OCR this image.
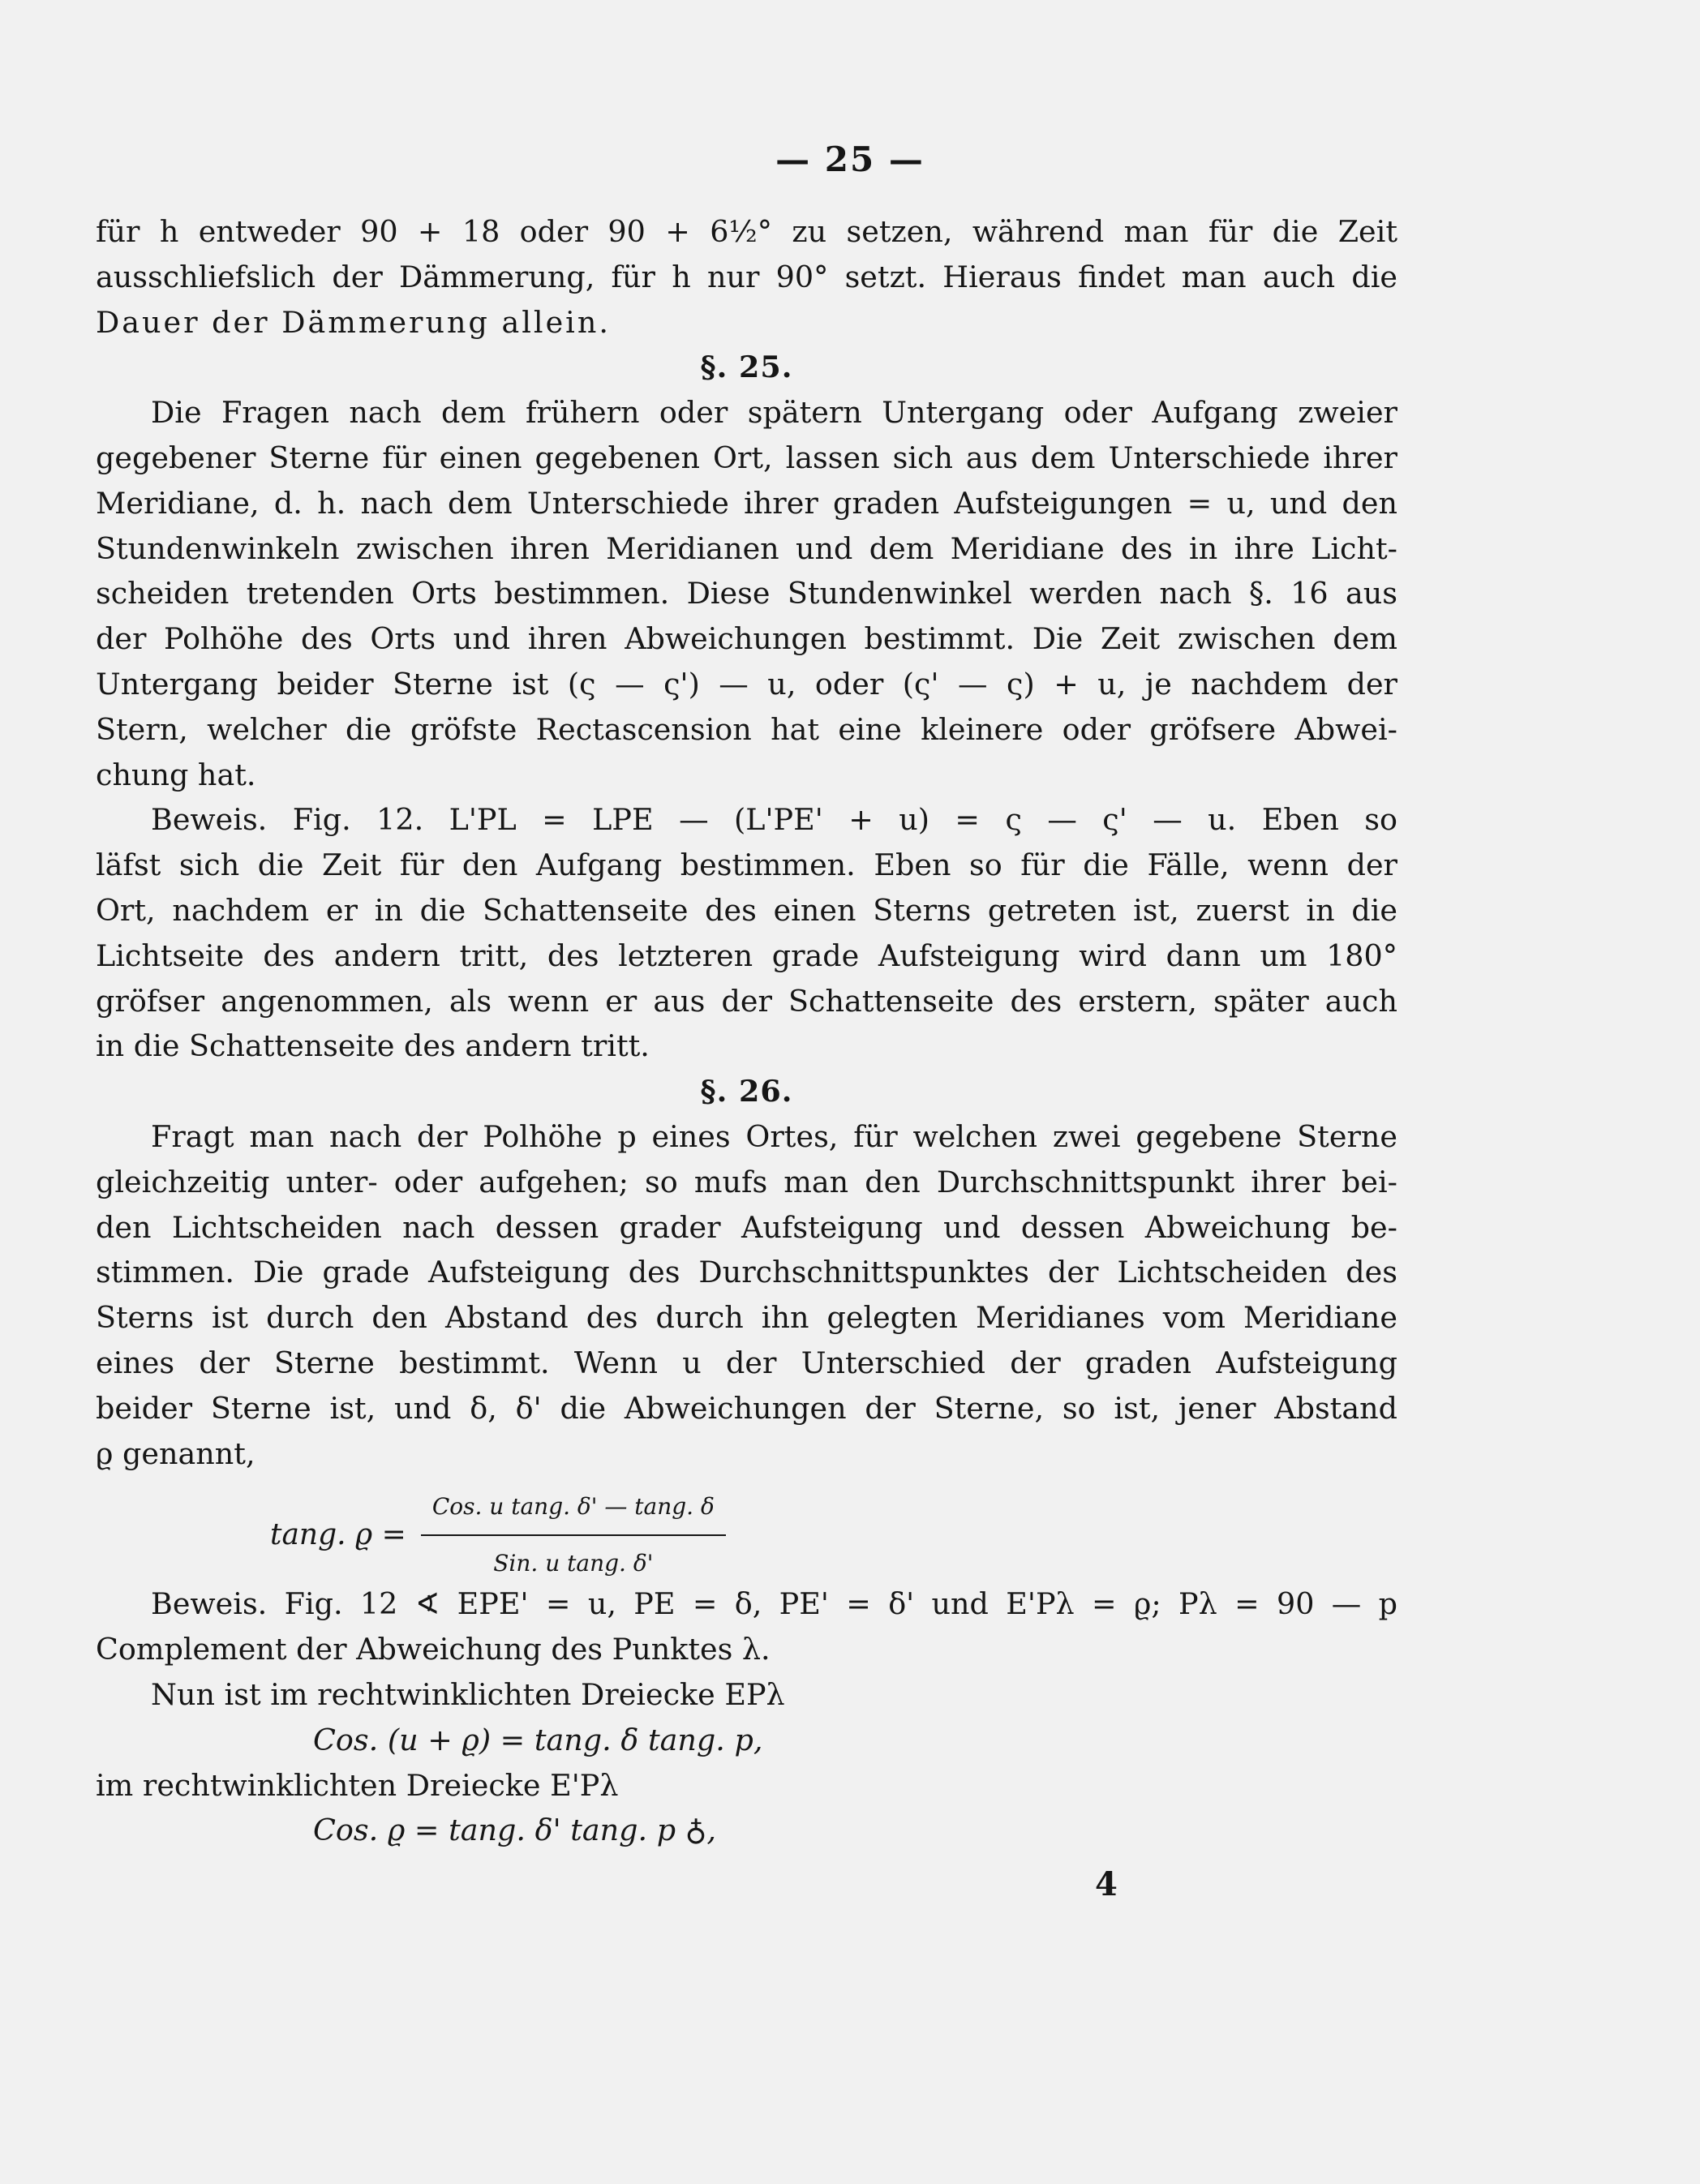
— 25 —
für h entweder 90 + 18 oder 90 + 6½° zu setzen, während man für die Zeit
ausschliefslich der Dämmerung, für h nur 90° setzt. Hieraus findet man auch die
Dauer der Dämmerung allein.
§. 25.
Die Fragen nach dem frühern oder spätern Untergang oder Aufgang zweier
gegebener Sterne für einen gegebenen Ort, lassen sich aus dem Unterschiede ihrer
Meridiane, d. h. nach dem Unterschiede ihrer graden Aufsteigungen = u, und den
Stundenwinkeln zwischen ihren Meridianen und dem Meridiane des in ihre Licht-
scheiden tretenden Orts bestimmen. Diese Stundenwinkel werden nach §. 16 aus
der Polhöhe des Orts und ihren Abweichungen bestimmt. Die Zeit zwischen dem
Untergang beider Sterne ist (ς — ς') — u, oder (ς' — ς) + u, je nachdem der
Stern, welcher die gröfste Rectascension hat eine kleinere oder gröfsere Abwei-
chung hat.
Beweis. Fig. 12. L'PL = LPE — (L'PE' + u) = ς — ς' — u. Eben so
läfst sich die Zeit für den Aufgang bestimmen. Eben so für die Fälle, wenn der
Ort, nachdem er in die Schattenseite des einen Sterns getreten ist, zuerst in die
Lichtseite des andern tritt, des letzteren grade Aufsteigung wird dann um 180°
gröfser angenommen, als wenn er aus der Schattenseite des erstern, später auch
in die Schattenseite des andern tritt.
§. 26.
Fragt man nach der Polhöhe p eines Ortes, für welchen zwei gegebene Sterne
gleichzeitig unter- oder aufgehen; so mufs man den Durchschnittspunkt ihrer bei-
den Lichtscheiden nach dessen grader Aufsteigung und dessen Abweichung be-
stimmen. Die grade Aufsteigung des Durchschnittspunktes der Lichtscheiden des
Sterns ist durch den Abstand des durch ihn gelegten Meridianes vom Meridiane
eines der Sterne bestimmt. Wenn u der Unterschied der graden Aufsteigung
beider Sterne ist, und δ, δ' die Abweichungen der Sterne, so ist, jener Abstand
ϱ genannt,
tang. $ϱ = \frac{\text{Cos. u tang. δ' — tang. δ}}{\text{Sin. u tang. δ'}}$
Beweis. Fig. 12 ∢ EPE' = u, PE = δ, PE' = δ' und E'Pλ = ϱ; Pλ = 90 — p
Complement der Abweichung des Punktes λ.
Nun ist im rechtwinklichten Dreiecke EPλ
Cos. (u + ϱ) = tang. δ tang. p,
im rechtwinklichten Dreiecke E'Pλ
Cos. ϱ = tang. δ' tang. p ♁,
4
